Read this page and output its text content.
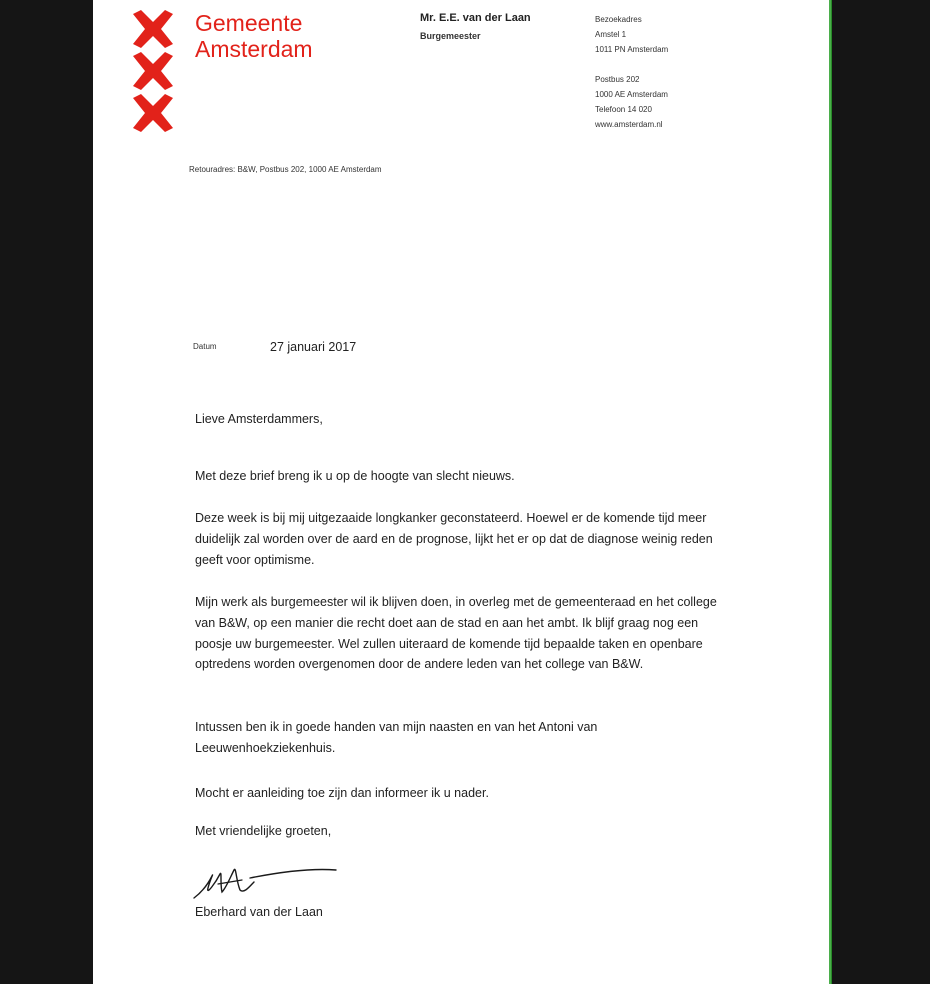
Gemeente
Amsterdam
Mr. E.E. van der Laan
Burgemeester
Bezoekadres
Amstel 1
1011 PN Amsterdam
Postbus 202
1000 AE Amsterdam
Telefoon 14 020
www.amsterdam.nl
Retouradres: B&W, Postbus 202, 1000 AE Amsterdam
Datum	27 januari 2017
Lieve Amsterdammers,
Met deze brief breng ik u op de hoogte van slecht nieuws.
Deze week is bij mij uitgezaaide longkanker geconstateerd. Hoewel er de komende tijd meer duidelijk zal worden over de aard en de prognose, lijkt het er op dat de diagnose weinig reden geeft voor optimisme.
Mijn werk als burgemeester wil ik blijven doen, in overleg met de gemeenteraad en het college van B&W, op een manier die recht doet aan de stad en aan het ambt. Ik blijf graag nog een poosje uw burgemeester. Wel zullen uiteraard de komende tijd bepaalde taken en openbare optredens worden overgenomen door de andere leden van het college van B&W.
Intussen ben ik in goede handen van mijn naasten en van het Antoni van Leeuwenhoekziekenhuis.
Mocht er aanleiding toe zijn dan informeer ik u nader.
Met vriendelijke groeten,
Eberhard van der Laan
